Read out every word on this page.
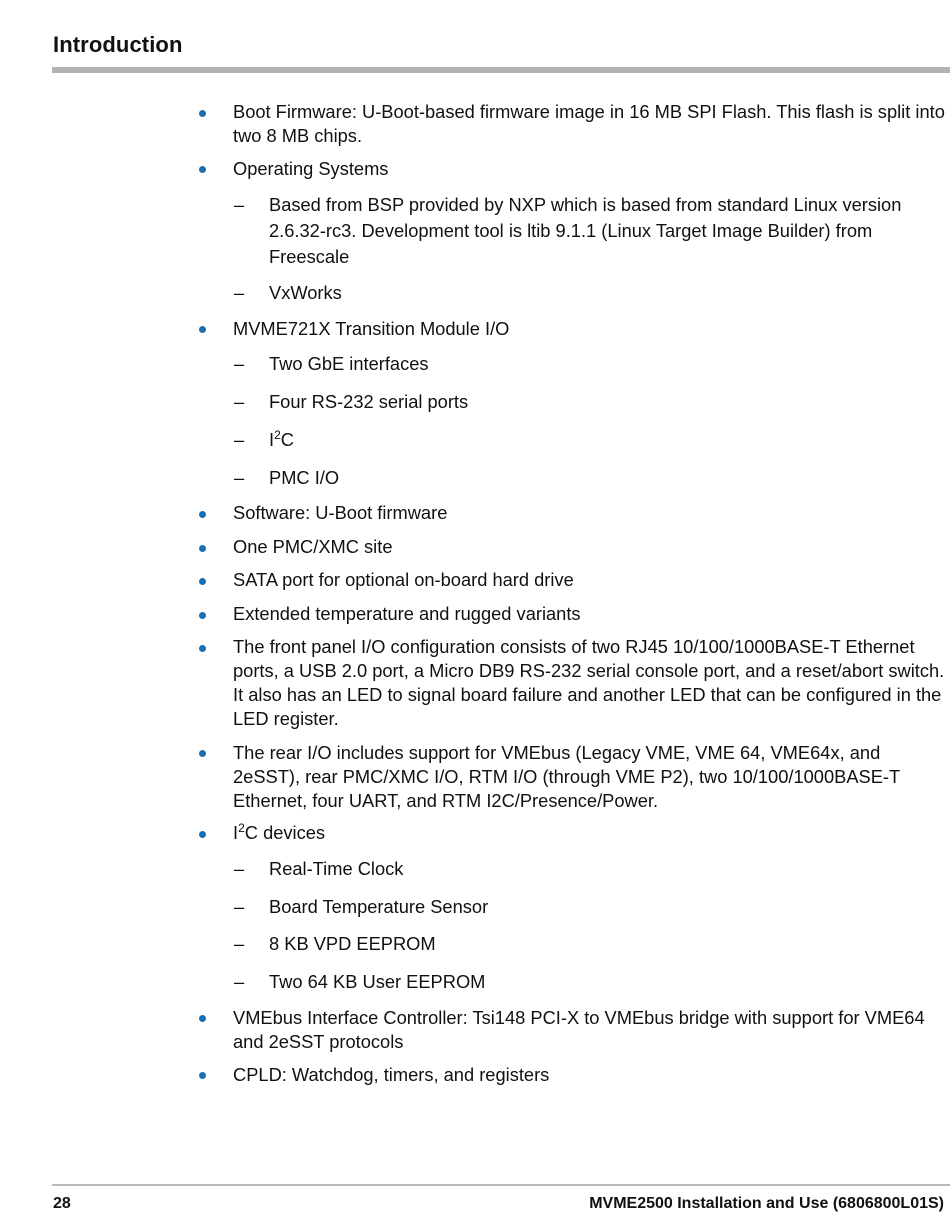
Introduction
Boot Firmware: U-Boot-based firmware image in 16 MB SPI Flash. This flash is split into two 8 MB chips.
Operating Systems
– Based from BSP provided by NXP which is based from standard Linux version 2.6.32-rc3. Development tool is ltib 9.1.1 (Linux Target Image Builder) from Freescale
– VxWorks
MVME721X Transition Module I/O
– Two GbE interfaces
– Four RS-232 serial ports
– $I^2C$
– PMC I/O
Software: U-Boot firmware
One PMC/XMC site
SATA port for optional on-board hard drive
Extended temperature and rugged variants
The front panel I/O configuration consists of two RJ45 10/100/1000BASE-T Ethernet ports, a USB 2.0 port, a Micro DB9 RS-232 serial console port, and a reset/abort switch. It also has an LED to signal board failure and another LED that can be configured in the LED register.
The rear I/O includes support for VMEbus (Legacy VME, VME 64, VME64x, and 2eSST), rear PMC/XMC I/O, RTM I/O (through VME P2), two 10/100/1000BASE-T Ethernet, four UART, and RTM I2C/Presence/Power.
$I^2C$ devices
– Real-Time Clock
– Board Temperature Sensor
– 8 KB VPD EEPROM
– Two 64 KB User EEPROM
VMEbus Interface Controller: Tsi148 PCI-X to VMEbus bridge with support for VME64 and 2eSST protocols
CPLD: Watchdog, timers, and registers
28	MVME2500 Installation and Use (6806800L01S)
